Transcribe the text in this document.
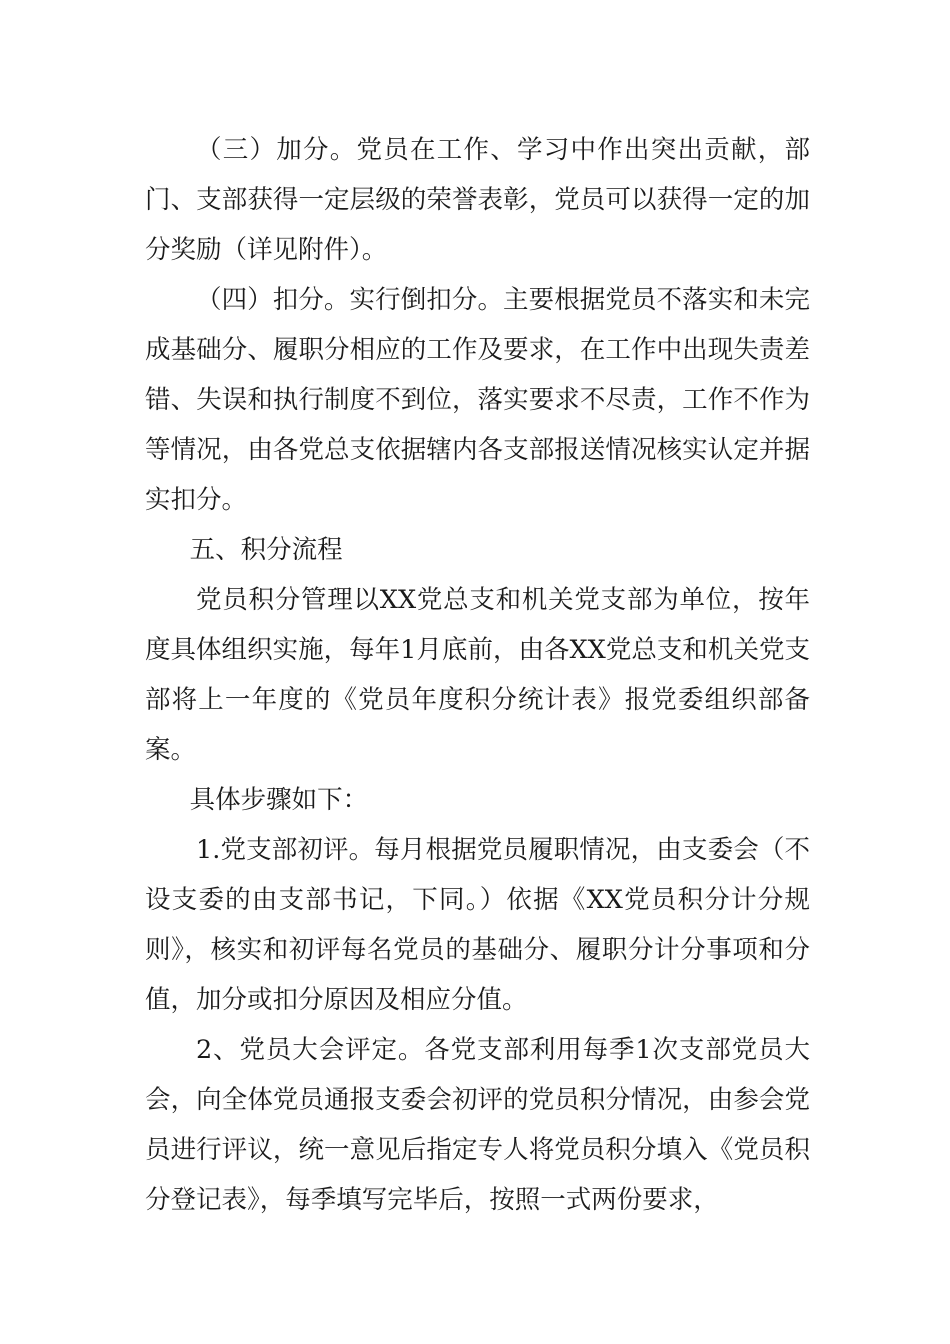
（三）加分。党员在工作、学习中作出突出贡献，部门、支部获得一定层级的荣誉表彰，党员可以获得一定的加分奖励（详见附件）。

（四）扣分。实行倒扣分。主要根据党员不落实和未完成基础分、履职分相应的工作及要求，在工作中出现失责差错、失误和执行制度不到位，落实要求不尽责，工作不作为等情况，由各党总支依据辖内各支部报送情况核实认定并据实扣分。

五、积分流程

党员积分管理以XX党总支和机关党支部为单位，按年度具体组织实施，每年1月底前，由各XX党总支和机关党支部将上一年度的《党员年度积分统计表》报党委组织部备案。

具体步骤如下：

1.党支部初评。每月根据党员履职情况，由支委会（不设支委的由支部书记，下同。）依据《XX党员积分计分规则》，核实和初评每名党员的基础分、履职分计分事项和分值，加分或扣分原因及相应分值。

2、党员大会评定。各党支部利用每季1次支部党员大会，向全体党员通报支委会初评的党员积分情况，由参会党员进行评议，统一意见后指定专人将党员积分填入《党员积分登记表》，每季填写完毕后，按照一式两份要求，
